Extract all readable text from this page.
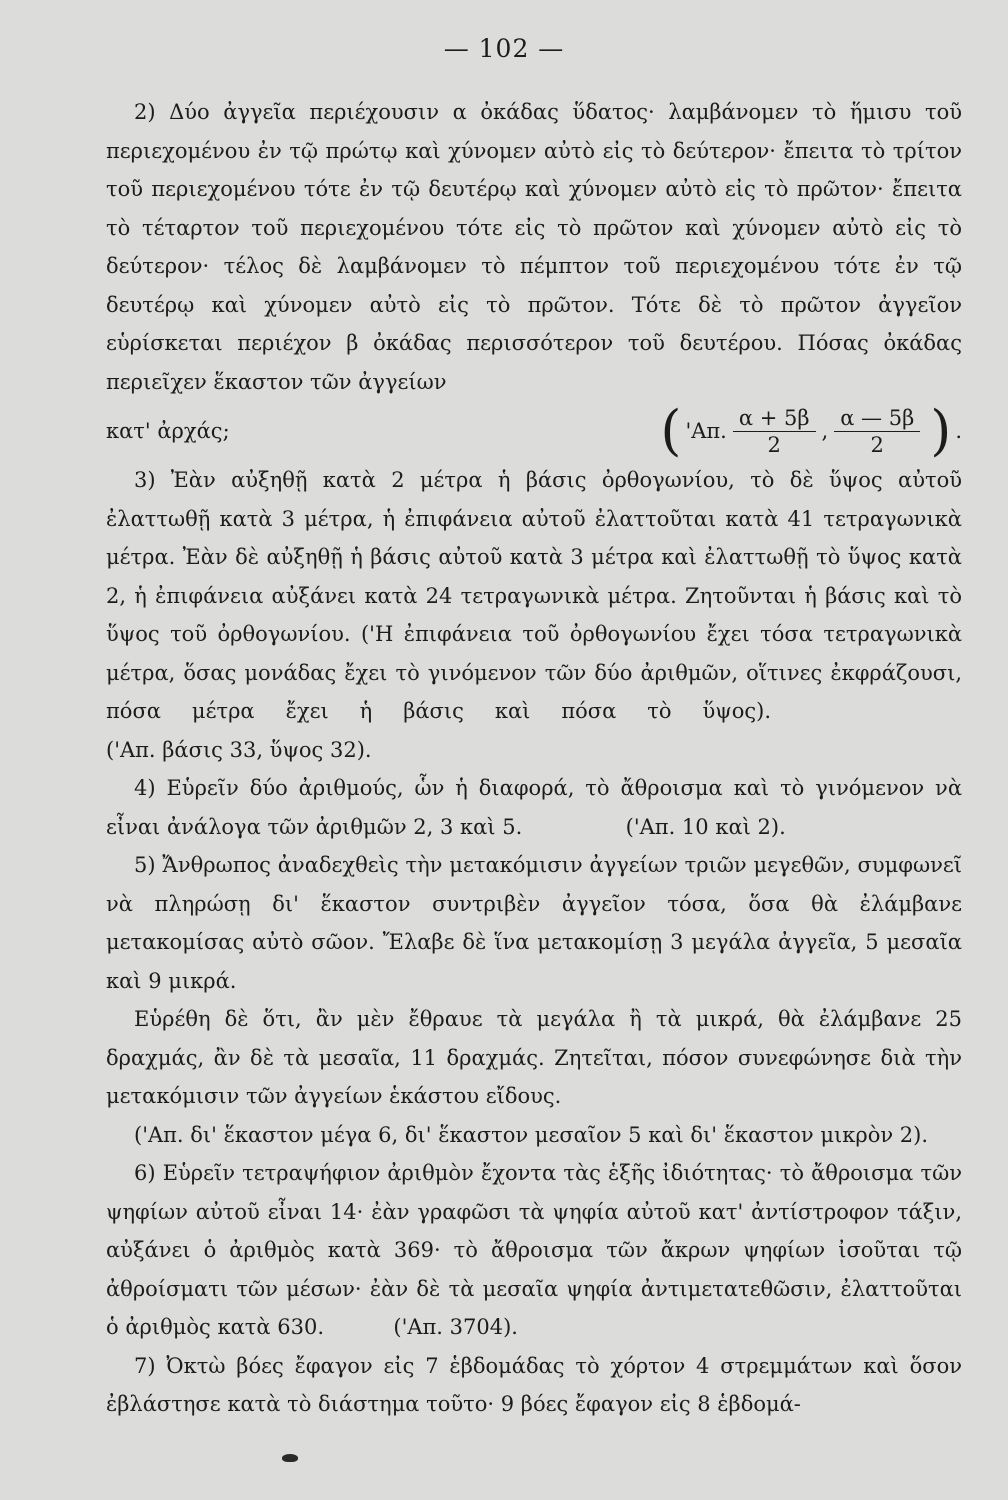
— 102 —

2) Δύο ἀγγεῖα περιέχουσιν α ὀκάδας ὕδατος· λαμβάνομεν τὸ ἥμισυ τοῦ περιεχομένου ἐν τῷ πρώτῳ καὶ χύνομεν αὐτὸ εἰς τὸ δεύτερον· ἔπειτα τὸ τρίτον τοῦ περιεχομένου τότε ἐν τῷ δευτέρῳ καὶ χύνομεν αὐτὸ εἰς τὸ πρῶτον· ἔπειτα τὸ τέταρτον τοῦ περιεχομένου τότε εἰς τὸ πρῶτον καὶ χύνομεν αὐτὸ εἰς τὸ δεύτερον· τέλος δὲ λαμβάνομεν τὸ πέμπτον τοῦ περιεχομένου τότε ἐν τῷ δευτέρῳ καὶ χύνομεν αὐτὸ εἰς τὸ πρῶτον. Τότε δὲ τὸ πρῶτον ἀγγεῖον εὑρίσκεται περιέχον β ὀκάδας περισσότερον τοῦ δευτέρου. Πόσας ὀκάδας περιεῖχεν ἕκαστον τῶν ἀγγείων

κατ' ἀρχάς;	( 'Απ. $\frac{\alpha + 5\beta}{2}$ , $\frac{\alpha — 5\beta}{2}$ ) .

3) Ἐὰν αὐξηθῇ κατὰ 2 μέτρα ἡ βάσις ὀρθογωνίου, τὸ δὲ ὕψος αὐτοῦ ἐλαττωθῇ κατὰ 3 μέτρα, ἡ ἐπιφάνεια αὐτοῦ ἐλαττοῦται κατὰ 41 τετραγωνικὰ μέτρα. Ἐὰν δὲ αὐξηθῇ ἡ βάσις αὐτοῦ κατὰ 3 μέτρα καὶ ἐλαττωθῇ τὸ ὕψος κατὰ 2, ἡ ἐπιφάνεια αὐξάνει κατὰ 24 τετραγωνικὰ μέτρα. Ζητοῦνται ἡ βάσις καὶ τὸ ὕψος τοῦ ὀρθογωνίου. ('Η ἐπιφάνεια τοῦ ὀρθογωνίου ἔχει τόσα τετραγωνικὰ μέτρα, ὅσας μονάδας ἔχει τὸ γινόμενον τῶν δύο ἀριθμῶν, οἵτινες ἐκφράζουσι, πόσα μέτρα ἔχει ἡ βάσις καὶ πόσα τὸ ὕψος).  ('Απ. βάσις 33, ὕψος 32).

4) Εὑρεῖν δύο ἀριθμούς, ὧν ἡ διαφορά, τὸ ἄθροισμα καὶ τὸ γινόμενον νὰ εἶναι ἀνάλογα τῶν ἀριθμῶν 2, 3 καὶ 5.	('Απ. 10 καὶ 2).

5) Ἄνθρωπος ἀναδεχθεὶς τὴν μετακόμισιν ἀγγείων τριῶν μεγεθῶν, συμφωνεῖ νὰ πληρώσῃ δι' ἕκαστον συντριβὲν ἀγγεῖον τόσα, ὅσα θὰ ἐλάμβανε μετακομίσας αὐτὸ σῶον. Ἔλαβε δὲ ἵνα μετακομίσῃ 3 μεγάλα ἀγγεῖα, 5 μεσαῖα καὶ 9 μικρά.

Εὑρέθη δὲ ὅτι, ἂν μὲν ἔθραυε τὰ μεγάλα ἢ τὰ μικρά, θὰ ἐλάμβανε 25 δραχμάς, ἂν δὲ τὰ μεσαῖα, 11 δραχμάς. Ζητεῖται, πόσον συνεφώνησε διὰ τὴν μετακόμισιν τῶν ἀγγείων ἑκάστου εἴδους.

('Απ. δι' ἕκαστον μέγα 6, δι' ἕκαστον μεσαῖον 5 καὶ δι' ἕκαστον μικρὸν 2).

6) Εὑρεῖν τετραψήφιον ἀριθμὸν ἔχοντα τὰς ἑξῆς ἰδιότητας· τὸ ἄθροισμα τῶν ψηφίων αὐτοῦ εἶναι 14· ἐὰν γραφῶσι τὰ ψηφία αὐτοῦ κατ' ἀντίστροφον τάξιν, αὐξάνει ὁ ἀριθμὸς κατὰ 369· τὸ ἄθροισμα τῶν ἄκρων ψηφίων ἰσοῦται τῷ ἀθροίσματι τῶν μέσων· ἐὰν δὲ τὰ μεσαῖα ψηφία ἀντιμετατεθῶσιν, ἐλαττοῦται ὁ ἀριθμὸς κατὰ 630.	('Απ. 3704).

7) Ὀκτὼ βόες ἔφαγον εἰς 7 ἑβδομάδας τὸ χόρτον 4 στρεμμάτων καὶ ὅσον ἐβλάστησε κατὰ τὸ διάστημα τοῦτο· 9 βόες ἔφαγον εἰς 8 ἑβδομά-
